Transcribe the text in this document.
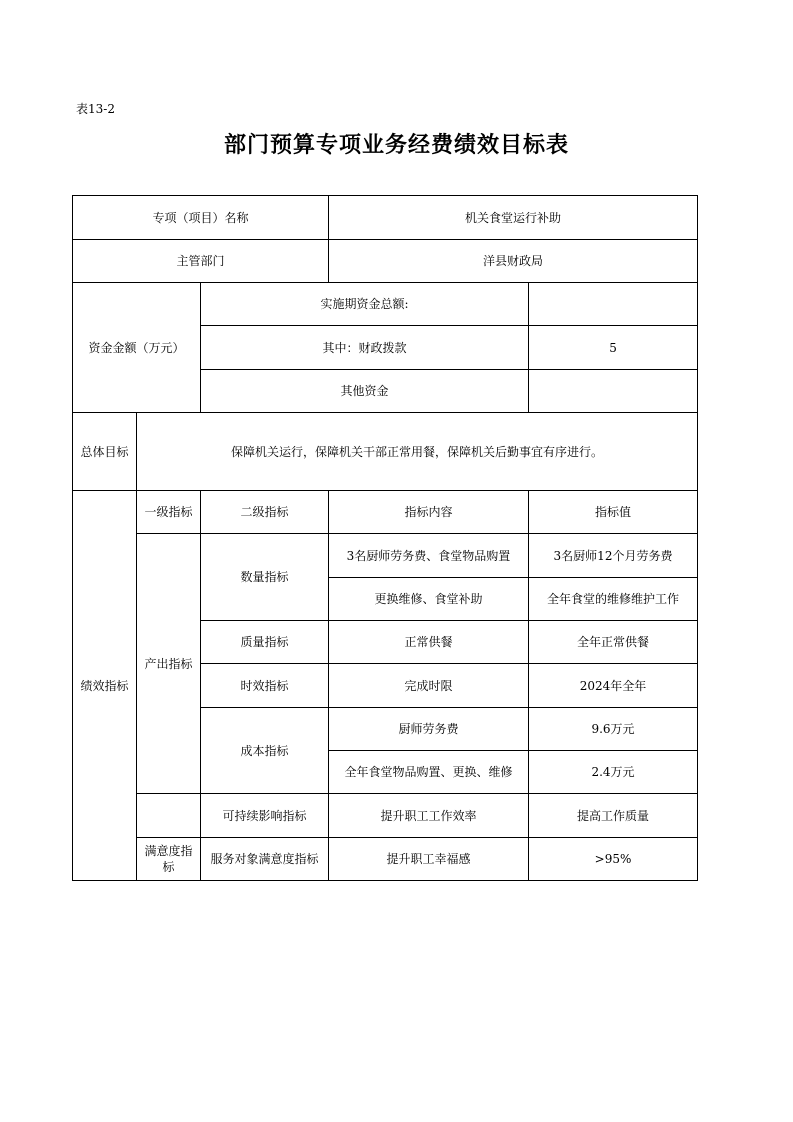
表13-2
部门预算专项业务经费绩效目标表
专项（项目）名称			机关食堂运行补助	
主管部门			洋县财政局	
资金金额（万元）		实施期资金总额:		
		其中：财政拨款		5
		其他资金		
总体目标	保障机关运行，保障机关干部正常用餐，保障机关后勤事宜有序进行。			
绩效指标	一级指标	二级指标	指标内容	指标值
	产出指标	数量指标	3名厨师劳务费、食堂物品购置	3名厨师12个月劳务费
			更换维修、食堂补助	全年食堂的维修维护工作
		质量指标	正常供餐	全年正常供餐
		时效指标	完成时限	2024年全年
		成本指标	厨师劳务费	9.6万元
			全年食堂物品购置、更换、维修	2.4万元
		可持续影响指标	提升职工工作效率	提高工作质量
	满意度指标	服务对象满意度指标	提升职工幸福感	>95%
